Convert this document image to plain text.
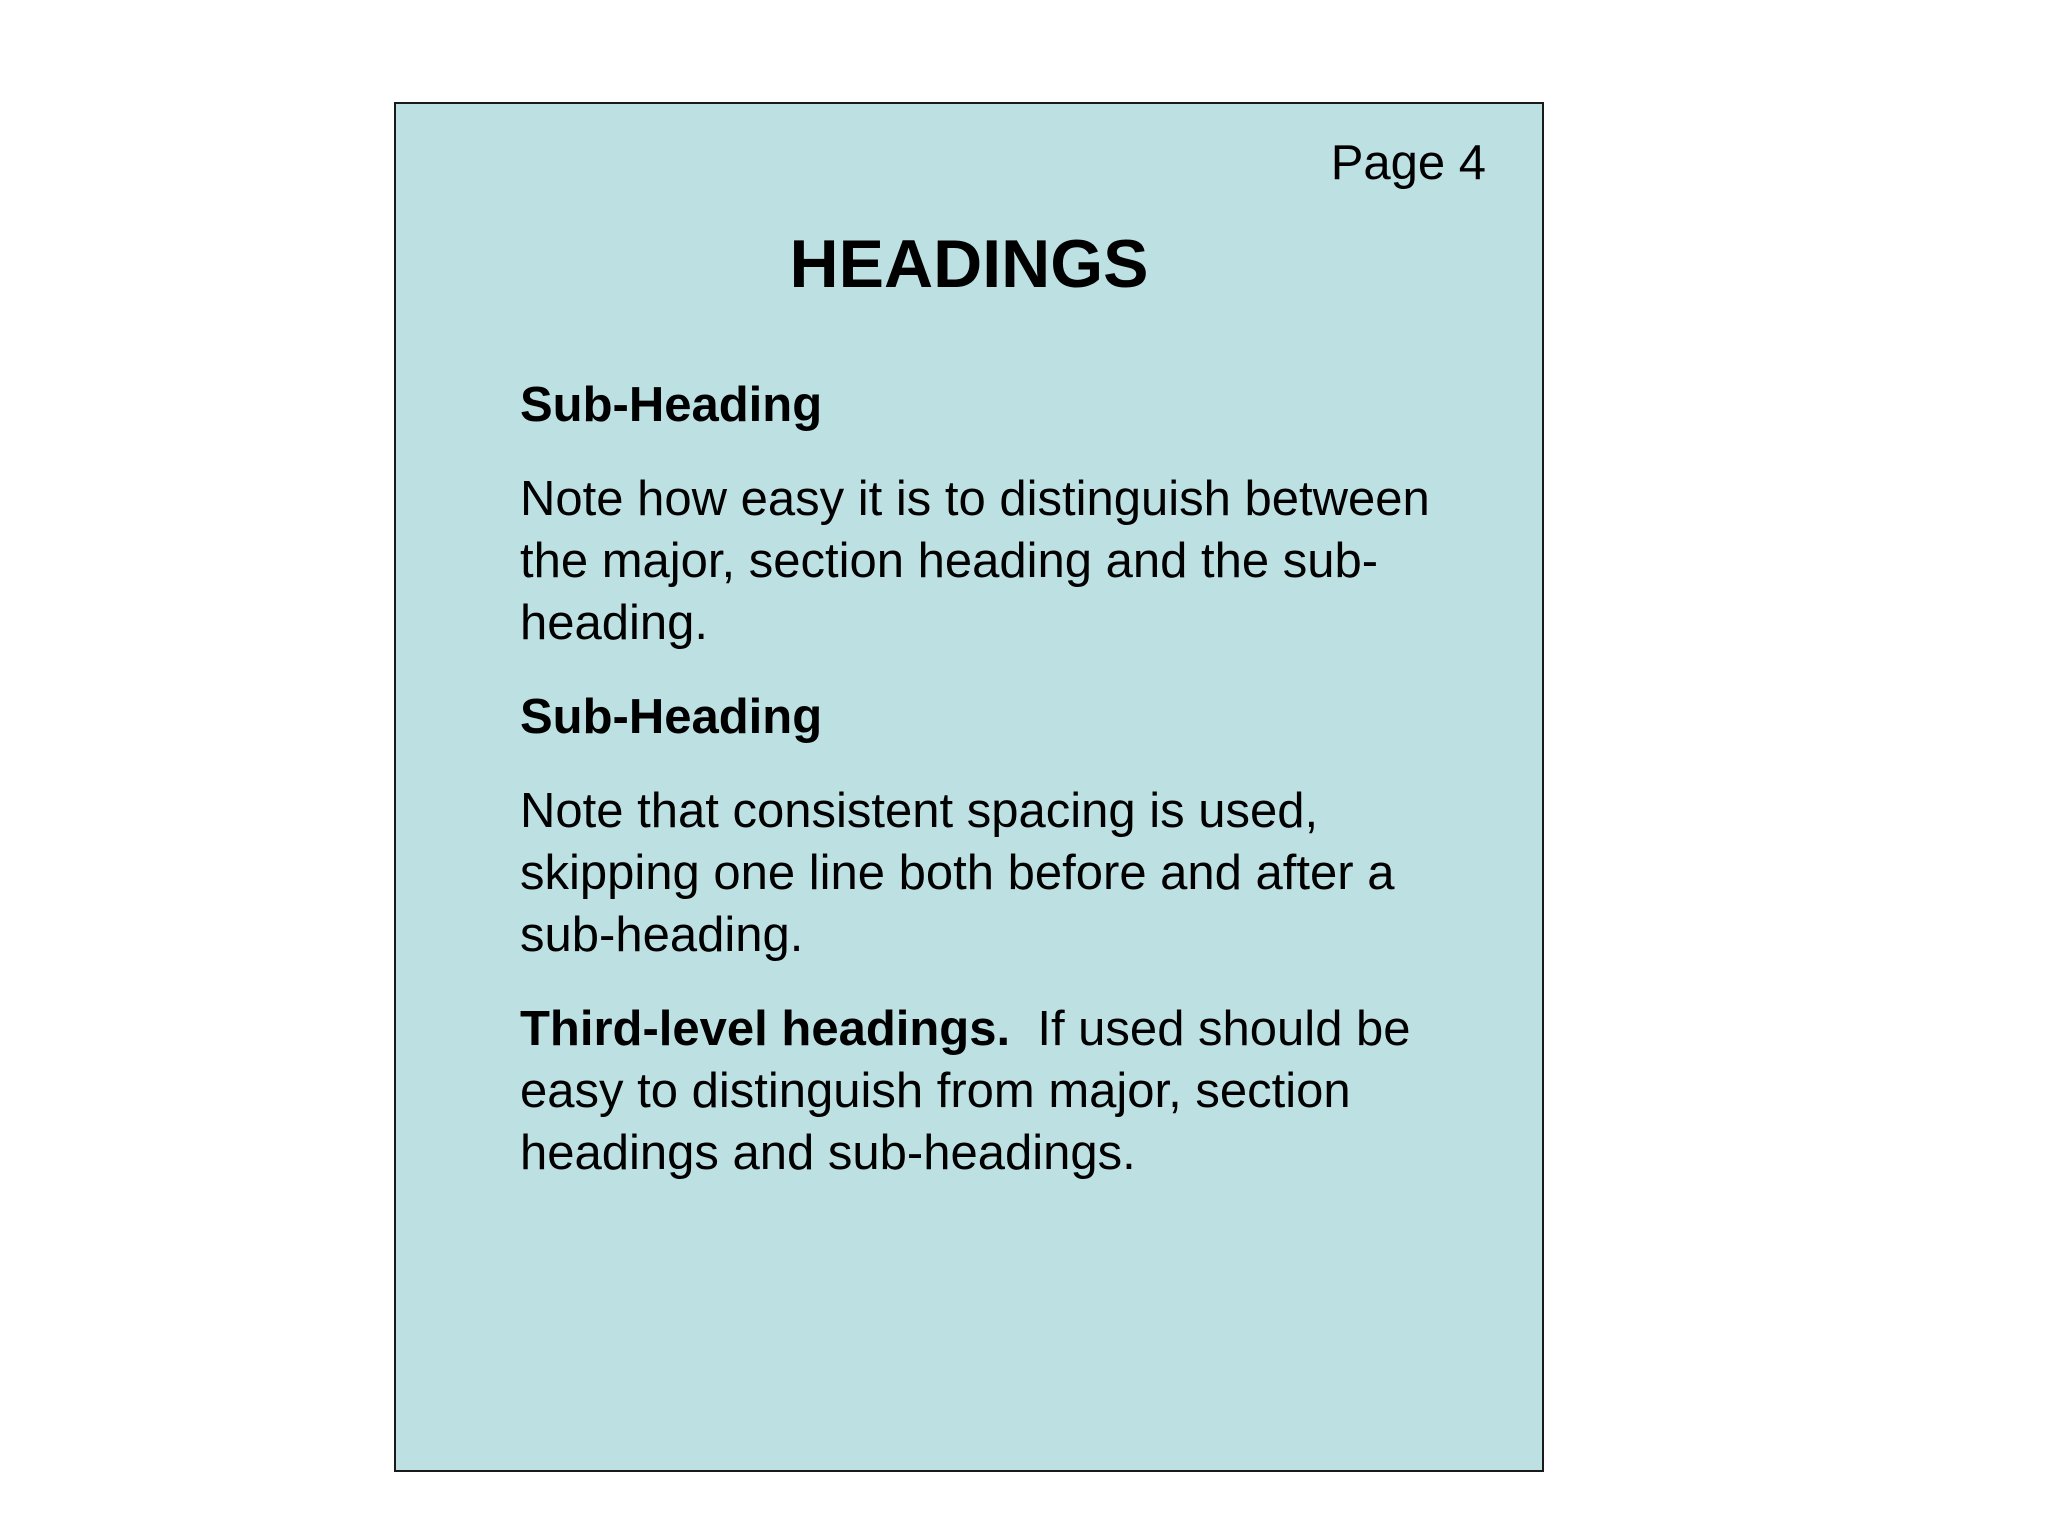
Page 4
HEADINGS

Sub-Heading

Note how easy it is to distinguish between the major, section heading and the sub-heading.

Sub-Heading

Note that consistent spacing is used, skipping one line both before and after a sub-heading.

Third-level headings. If used should be easy to distinguish from major, section headings and sub-headings.
